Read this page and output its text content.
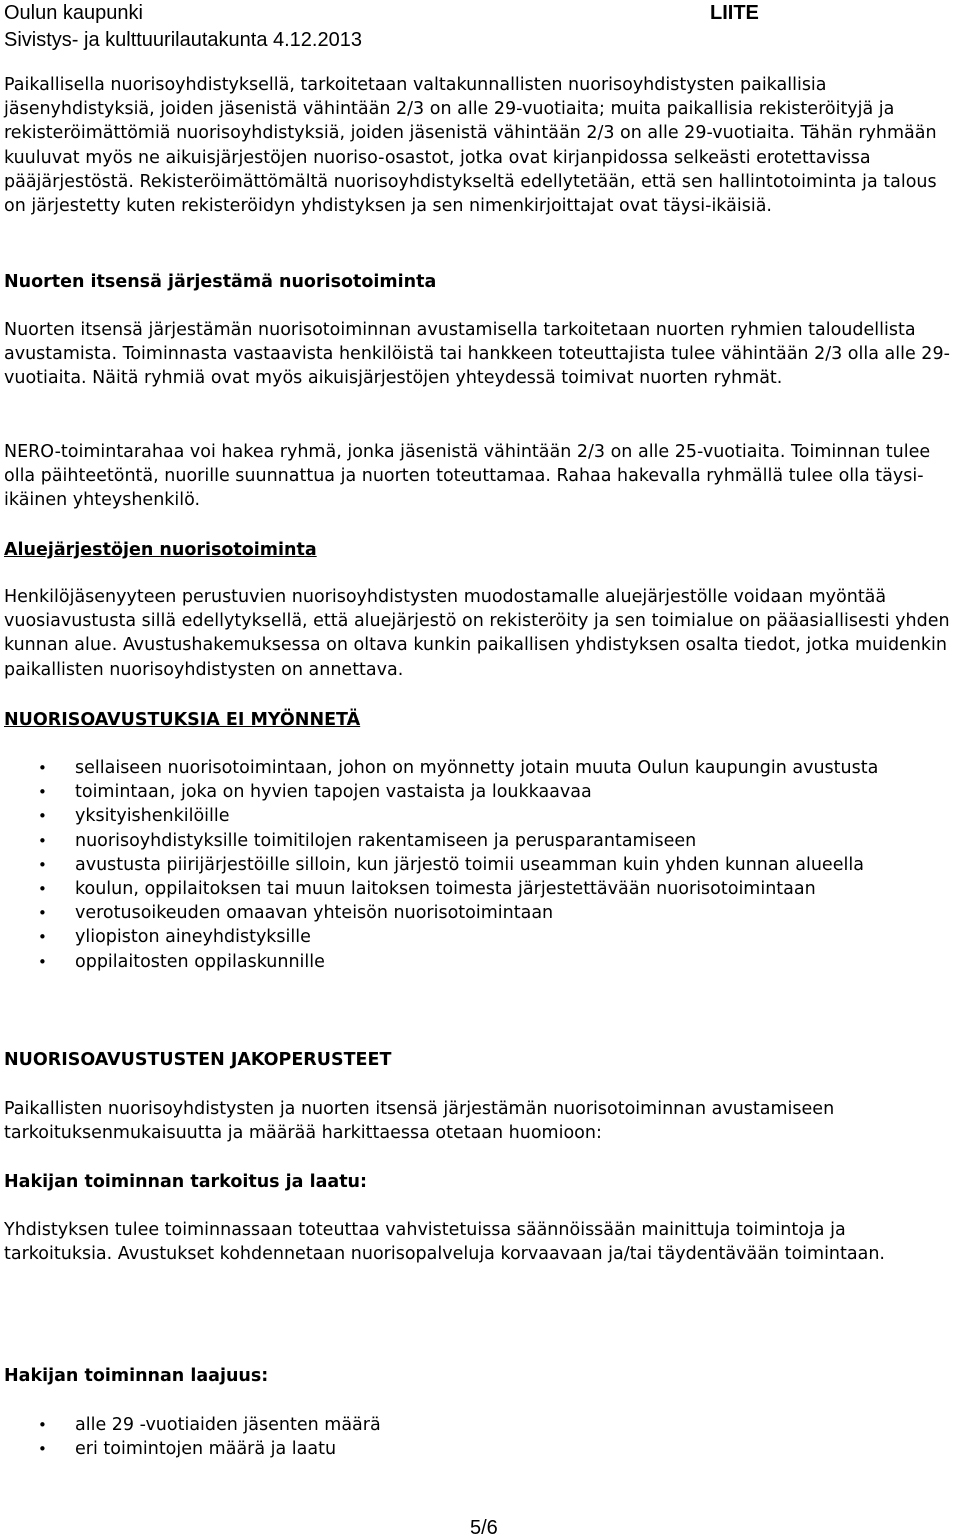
Oulun kaupunki
Sivistys- ja kulttuurilautakunta 4.12.2013
LIITE

Paikallisella nuorisoyhdistyksellä, tarkoitetaan valtakunnallisten nuorisoyhdistysten paikallisia jäsenyhdistyksiä, joiden jäsenistä vähintään 2/3 on alle 29-vuotiaita; muita paikallisia rekisteröityjä ja rekisteröimättömiä nuorisoyhdistyksiä, joiden jäsenistä vähintään 2/3 on alle 29-vuotiaita. Tähän ryhmään kuuluvat myös ne aikuisjärjestöjen nuoriso-osastot, jotka ovat kirjanpidossa selkeästi erotettavissa pääjärjestöstä. Rekisteröimättömältä nuorisoyhdistykseltä edellytetään, että sen hallintotoiminta ja talous on järjestetty kuten rekisteröidyn yhdistyksen ja sen nimenkirjoittajat ovat täysi-ikäisiä.

Nuorten itsensä järjestämä nuorisotoiminta

Nuorten itsensä järjestämän nuorisotoiminnan avustamisella tarkoitetaan nuorten ryhmien taloudellista avustamista. Toiminnasta vastaavista henkilöistä tai hankkeen toteuttajista tulee vähintään 2/3 olla alle 29-vuotiaita. Näitä ryhmiä ovat myös aikuisjärjestöjen yhteydessä toimivat nuorten ryhmät.

NERO-toimintarahaa voi hakea ryhmä, jonka jäsenistä vähintään 2/3 on alle 25-vuotiaita. Toiminnan tulee olla päihteetöntä, nuorille suunnattua ja nuorten toteuttamaa. Rahaa hakevalla ryhmällä tulee olla täysi-ikäinen yhteyshenkilö.

Aluejärjestöjen nuorisotoiminta

Henkilöjäsenyyteen perustuvien nuorisoyhdistysten muodostamalle aluejärjestölle voidaan myöntää vuosiavustusta sillä edellytyksellä, että aluejärjestö on rekisteröity ja sen toimialue on pääasiallisesti yhden kunnan alue. Avustushakemuksessa on oltava kunkin paikallisen yhdistyksen osalta tiedot, jotka muidenkin paikallisten nuorisoyhdistysten on annettava.

NUORISOAVUSTUKSIA EI MYÖNNETÄ
• sellaiseen nuorisotoimintaan, johon on myönnetty jotain muuta Oulun kaupungin avustusta
• toimintaan, joka on hyvien tapojen vastaista ja loukkaavaa
• yksityishenkilöille
• nuorisoyhdistyksille toimitilojen rakentamiseen ja perusparantamiseen
• avustusta piirijärjestöille silloin, kun järjestö toimii useamman kuin yhden kunnan alueella
• koulun, oppilaitoksen tai muun laitoksen toimesta järjestettävään nuorisotoimintaan
• verotusoikeuden omaavan yhteisön nuorisotoimintaan
• yliopiston aineyhdistyksille
• oppilaitosten oppilaskunnille
NUORISOAVUSTUSTEN JAKOPERUSTEET

Paikallisten nuorisoyhdistysten ja nuorten itsensä järjestämän nuorisotoiminnan avustamiseen tarkoituksenmukaisuutta ja määrää harkittaessa otetaan huomioon:

Hakijan toiminnan tarkoitus ja laatu:

Yhdistyksen tulee toiminnassaan toteuttaa vahvistetuissa säännöissään mainittuja toimintoja ja tarkoituksia. Avustukset kohdennetaan nuorisopalveluja korvaavaan ja/tai täydentävään toimintaan.

Hakijan toiminnan laajuus:
• alle 29 -vuotiaiden jäsenten määrä
• eri toimintojen määrä ja laatu
5/6
